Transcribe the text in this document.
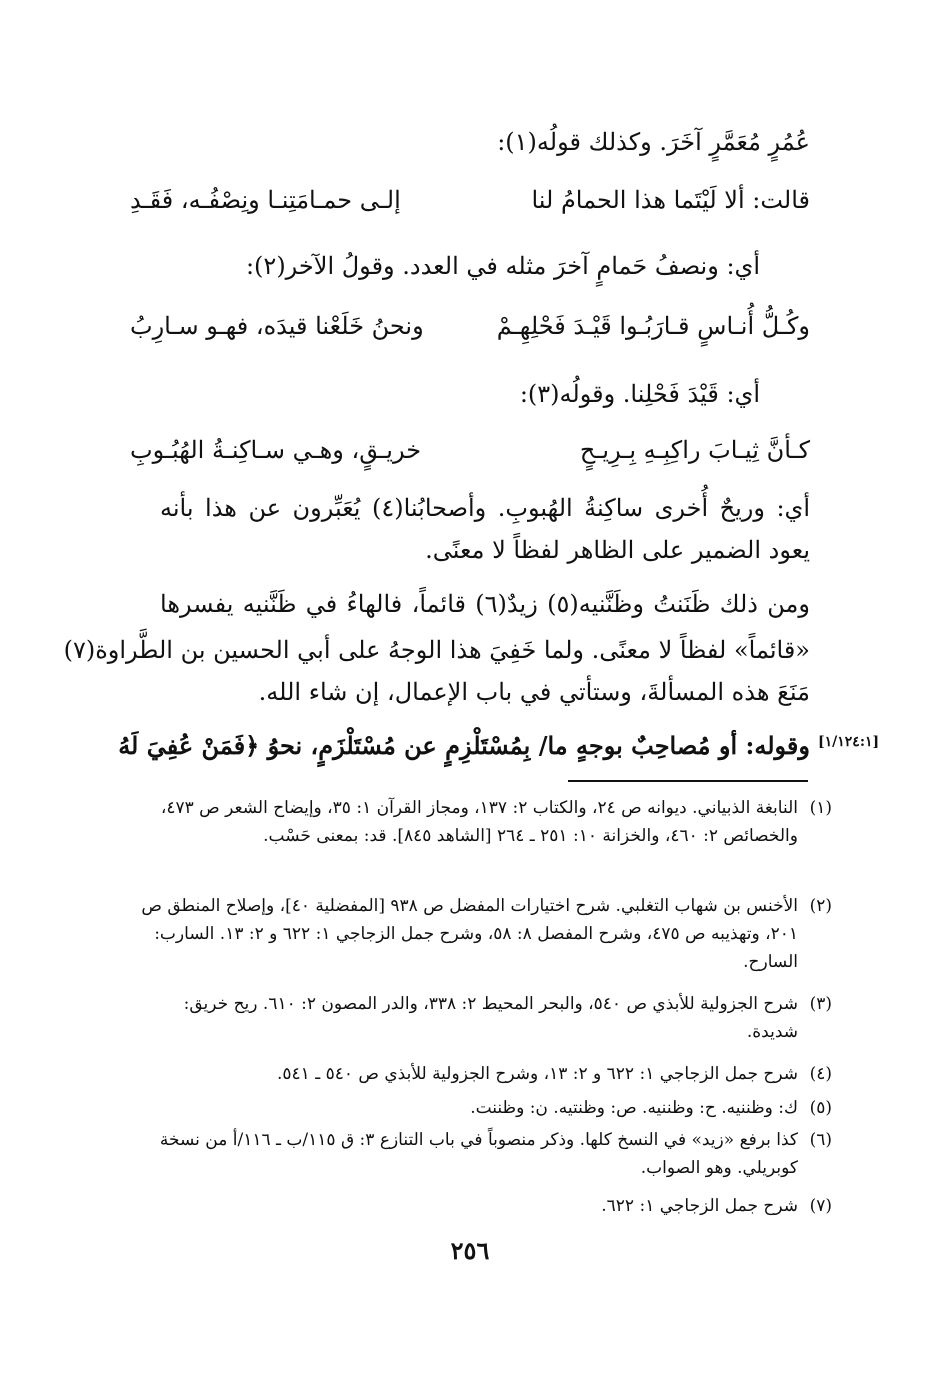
عُمُرٍ مُعَمَّرٍ آخَرَ. وكذلك قولُه(١):
قالت: ألا لَيْتَما هذا الحمامُ لنا
إلـى حمـامَتِنـا ونِصْفُـه، فَقَـدِ
أي: ونصفُ حَمامٍ آخرَ مثله في العدد. وقولُ الآخر(٢):
وكُـلُّ أُنـاسٍ قـارَبُـوا قَيْـدَ فَحْلِهِـمْ
ونحنُ خَلَعْنا قيدَه، فهـو سـارِبُ
أي: قَيْدَ فَحْلِنا. وقولُه(٣):
كـأنَّ ثِيـابَ راكِبِـهِ بِـرِيـحٍ
خريـقٍ، وهـي سـاكِنـةُ الهُبُـوبِ
أي: وريحٌ أُخرى ساكِنةُ الهُبوبِ. وأصحابُنا(٤) يُعَبِّرون عن هذا بأنه
يعود الضمير على الظاهر لفظاً لا معنًى.
ومن ذلك ظَنَنتُ وظَنَّنيه(٥) زيدٌ(٦) قائماً، فالهاءُ في ظَنَّنيه يفسرها
«قائماً» لفظاً لا معنًى. ولما خَفِيَ هذا الوجهُ على أبي الحسين بن الطَّراوة(٧)
مَنَعَ هذه المسألةَ، وستأتي في باب الإعمال، إن شاء الله.
وقوله: أو مُصاحِبٌ بوجهٍ ما/ بِمُسْتَلْزِمٍ عن مُسْتَلْزَمٍ، نحوُ ﴿فَمَنْ عُفِيَ لَهُ [١/١٢٤:١]
(١)
النابغة الذبياني. ديوانه ص ٢٤، والكتاب ٢: ١٣٧، ومجاز القرآن ١: ٣٥، وإيضاح الشعر ص ٤٧٣، والخصائص ٢: ٤٦٠، والخزانة ١٠: ٢٥١ ـ ٢٦٤ [الشاهد ٨٤٥]. قد: بمعنى حَسْب.
(٢)
الأخنس بن شهاب التغلبي. شرح اختيارات المفضل ص ٩٣٨ [المفضلية ٤٠]، وإصلاح المنطق ص ٢٠١، وتهذيبه ص ٤٧٥، وشرح المفصل ٨: ٥٨، وشرح جمل الزجاجي ١: ٦٢٢ و ٢: ١٣. السارب: السارح.
(٣)
شرح الجزولية للأبذي ص ٥٤٠، والبحر المحيط ٢: ٣٣٨، والدر المصون ٢: ٦١٠. ريح خريق: شديدة.
(٤)
شرح جمل الزجاجي ١: ٦٢٢ و ٢: ١٣، وشرح الجزولية للأبذي ص ٥٤٠ ـ ٥٤١.
(٥)
ك: وظننيه. ح: وظننيه. ص: وظنتيه. ن: وظننت.
(٦)
كذا برفع «زيد» في النسخ كلها. وذكر منصوباً في باب التنازع ٣: ق ١١٥/ب ـ ١١٦/أ من نسخة كوبريلي. وهو الصواب.
(٧)
شرح جمل الزجاجي ١: ٦٢٢.
٢٥٦
